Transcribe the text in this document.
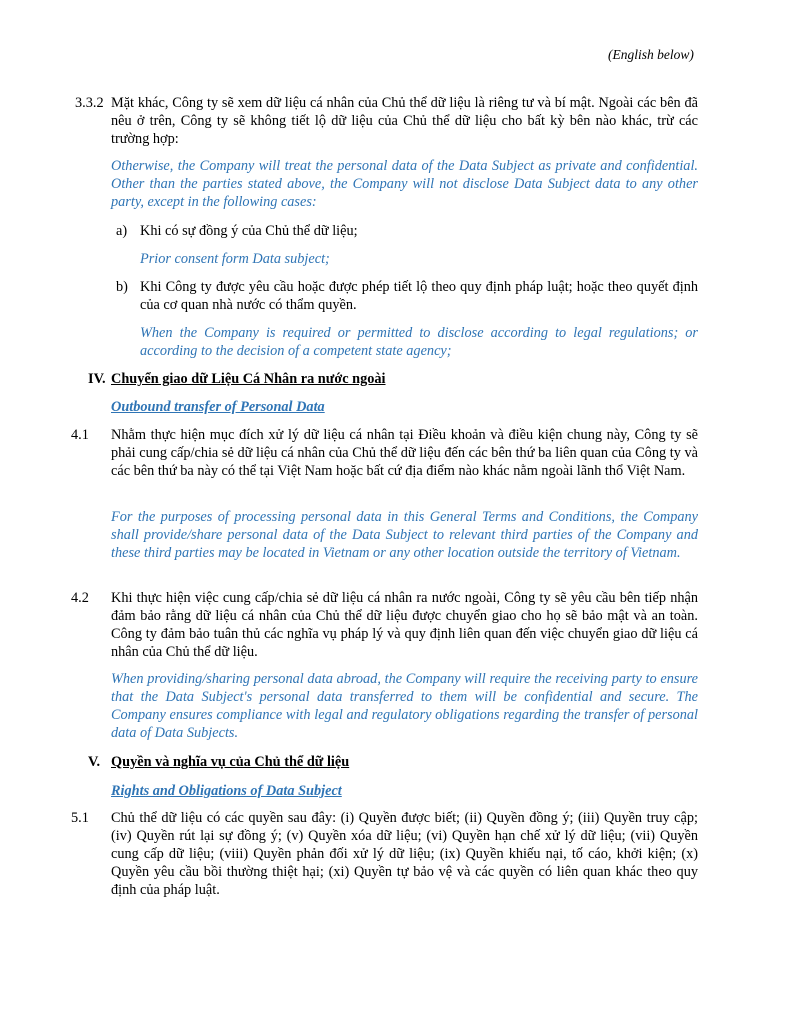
(English below)
3.3.2 Mặt khác, Công ty sẽ xem dữ liệu cá nhân của Chủ thể dữ liệu là riêng tư và bí mật. Ngoài các bên đã nêu ở trên, Công ty sẽ không tiết lộ dữ liệu của Chủ thể dữ liệu cho bất kỳ bên nào khác, trừ các trường hợp:
Otherwise, the Company will treat the personal data of the Data Subject as private and confidential. Other than the parties stated above, the Company will not disclose Data Subject data to any other party, except in the following cases:
a) Khi có sự đồng ý của Chủ thể dữ liệu;
Prior consent form Data subject;
b) Khi Công ty được yêu cầu hoặc được phép tiết lộ theo quy định pháp luật; hoặc theo quyết định của cơ quan nhà nước có thẩm quyền.
When the Company is required or permitted to disclose according to legal regulations; or according to the decision of a competent state agency;
IV. Chuyển giao dữ Liệu Cá Nhân ra nước ngoài
Outbound transfer of Personal Data
4.1 Nhằm thực hiện mục đích xử lý dữ liệu cá nhân tại Điều khoản và điều kiện chung này, Công ty sẽ phải cung cấp/chia sẻ dữ liệu cá nhân của Chủ thể dữ liệu đến các bên thứ ba liên quan của Công ty và các bên thứ ba này có thể tại Việt Nam hoặc bất cứ địa điểm nào khác nằm ngoài lãnh thổ Việt Nam.
For the purposes of processing personal data in this General Terms and Conditions, the Company shall provide/share personal data of the Data Subject to relevant third parties of the Company and these third parties may be located in Vietnam or any other location outside the territory of Vietnam.
4.2 Khi thực hiện việc cung cấp/chia sẻ dữ liệu cá nhân ra nước ngoài, Công ty sẽ yêu cầu bên tiếp nhận đảm bảo rằng dữ liệu cá nhân của Chủ thể dữ liệu được chuyển giao cho họ sẽ bảo mật và an toàn. Công ty đảm bảo tuân thủ các nghĩa vụ pháp lý và quy định liên quan đến việc chuyển giao dữ liệu cá nhân của Chủ thể dữ liệu.
When providing/sharing personal data abroad, the Company will require the receiving party to ensure that the Data Subject's personal data transferred to them will be confidential and secure. The Company ensures compliance with legal and regulatory obligations regarding the transfer of personal data of Data Subjects.
V. Quyền và nghĩa vụ của Chủ thể dữ liệu
Rights and Obligations of Data Subject
5.1 Chủ thể dữ liệu có các quyền sau đây: (i) Quyền được biết; (ii) Quyền đồng ý; (iii) Quyền truy cập; (iv) Quyền rút lại sự đồng ý; (v) Quyền xóa dữ liệu; (vi) Quyền hạn chế xử lý dữ liệu; (vii) Quyền cung cấp dữ liệu; (viii) Quyền phản đối xử lý dữ liệu; (ix) Quyền khiếu nại, tố cáo, khởi kiện; (x) Quyền yêu cầu bồi thường thiệt hại; (xi) Quyền tự bảo vệ và các quyền có liên quan khác theo quy định của pháp luật.
